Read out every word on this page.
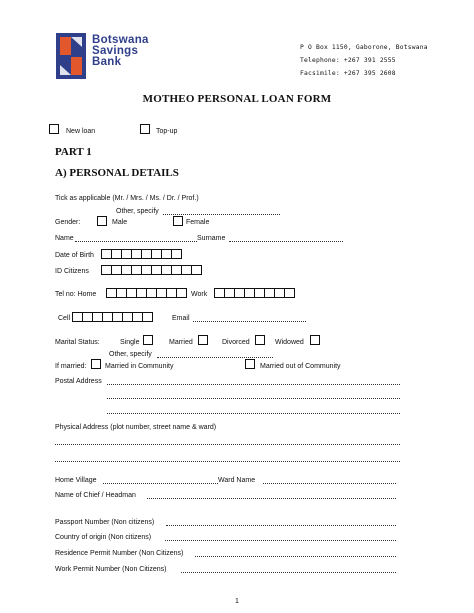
Botswana
Savings
Bank
P O Box 1150, Gaborone, Botswana
Telephone: +267 391 2555
Facsimile: +267 395 2608
MOTHEO PERSONAL LOAN FORM
New loan	Top-up
PART 1
A) PERSONAL DETAILS
Tick as applicable (Mr. / Mrs. / Ms. / Dr. / Prof.)
Other, specify
Gender:	Male	Female
Name	Surname
Date of Birth
ID Citizens
Tel no: Home	Work
Cell	Email
Marital Status:	Single	Married	Divorced	Widowed
Other, specify
If married:	Married in Community	Married out of Community
Postal Address
Physical Address (plot number, street name & ward)
Home Village	Ward Name
Name of Chief / Headman
Passport Number (Non citizens)
Country of origin (Non citizens)
Residence Permit Number (Non Citizens)
Work Permit Number (Non Citizens)
1
